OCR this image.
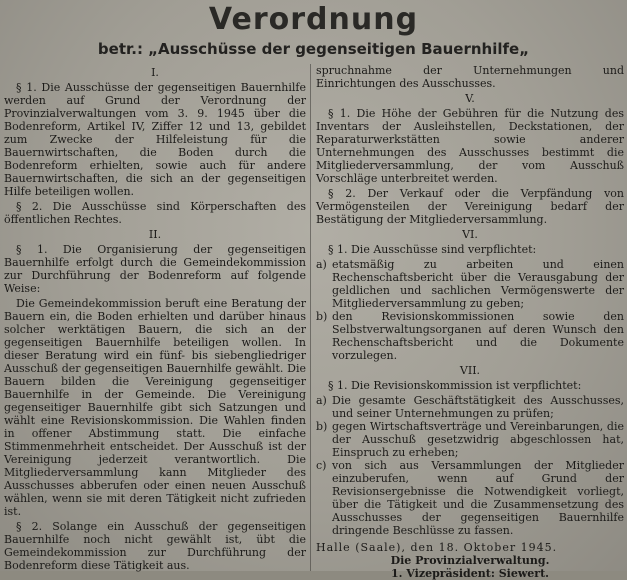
Verordnung
betr.: „Ausschüsse der gegenseitigen Bauernhilfe„
I.

§ 1. Die Ausschüsse der gegenseitigen Bauernhilfe werden auf Grund der Verordnung der Provinzialverwaltungen vom 3. 9. 1945 über die Bodenreform, Artikel IV, Ziffer 12 und 13, gebildet zum Zwecke der Hilfeleistung für die Bauernwirtschaften, die Boden durch die Bodenreform erhielten, sowie auch für andere Bauernwirtschaften, die sich an der gegenseitigen Hilfe beteiligen wollen.

§ 2. Die Ausschüsse sind Körperschaften des öffentlichen Rechtes.

II.

§ 1. Die Organisierung der gegenseitigen Bauernhilfe erfolgt durch die Gemeindekommission zur Durchführung der Bodenreform auf folgende Weise:

Die Gemeindekommission beruft eine Beratung der Bauern ein, die Boden erhielten und darüber hinaus solcher werktätigen Bauern, die sich an der gegenseitigen Bauernhilfe beteiligen wollen. In dieser Beratung wird ein fünf- bis siebengliedriger Ausschuß der gegenseitigen Bauernhilfe gewählt. Die Bauern bilden die Vereinigung gegenseitiger Bauernhilfe in der Gemeinde. Die Vereinigung gegenseitiger Bauernhilfe gibt sich Satzungen und wählt eine Revisionskommission. Die Wahlen finden in offener Abstimmung statt. Die einfache Stimmenmehrheit entscheidet. Der Ausschuß ist der Vereinigung jederzeit verantwortlich. Die Mitgliederversammlung kann Mitglieder des Ausschusses abberufen oder einen neuen Ausschuß wählen, wenn sie mit deren Tätigkeit nicht zufrieden ist.

§ 2. Solange ein Ausschuß der gegenseitigen Bauernhilfe noch nicht gewählt ist, übt die Gemeindekommission zur Durchführung der Bodenreform diese Tätigkeit aus.

spruchnahme der Unternehmungen und Einrichtungen des Ausschusses.

V.

§ 1. Die Höhe der Gebühren für die Nutzung des Inventars der Ausleihstellen, Deckstationen, der Reparaturwerkstätten sowie anderer Unternehmungen des Ausschusses bestimmt die Mitgliederversammlung, der vom Ausschuß Vorschläge unterbreitet werden.

§ 2. Der Verkauf oder die Verpfändung von Vermögensteilen der Vereinigung bedarf der Bestätigung der Mitgliederversammlung.

VI.

§ 1. Die Ausschüsse sind verpflichtet:

a) etatsmäßig zu arbeiten und einen Rechenschaftsbericht über die Verausgabung der geldlichen und sachlichen Vermögenswerte der Mitgliederversammlung zu geben;
b) den Revisionskommissionen sowie den Selbstverwaltungsorganen auf deren Wunsch den Rechenschaftsbericht und die Dokumente vorzulegen.
VII.

§ 1. Die Revisionskommission ist verpflichtet:

a) Die gesamte Geschäftstätigkeit des Ausschusses, und seiner Unternehmungen zu prüfen;
b) gegen Wirtschaftsverträge und Vereinbarungen, die der Ausschuß gesetzwidrig abgeschlossen hat, Einspruch zu erheben;
c) von sich aus Versammlungen der Mitglieder einzuberufen, wenn auf Grund der Revisionsergebnisse die Notwendigkeit vorliegt, über die Tätigkeit und die Zusammensetzung des Ausschusses der gegenseitigen Bauernhilfe dringende Beschlüsse zu fassen.
Halle (Saale), den 18. Oktober 1945.
Die Provinzialverwaltung.
1. Vizepräsident: Siewert.
